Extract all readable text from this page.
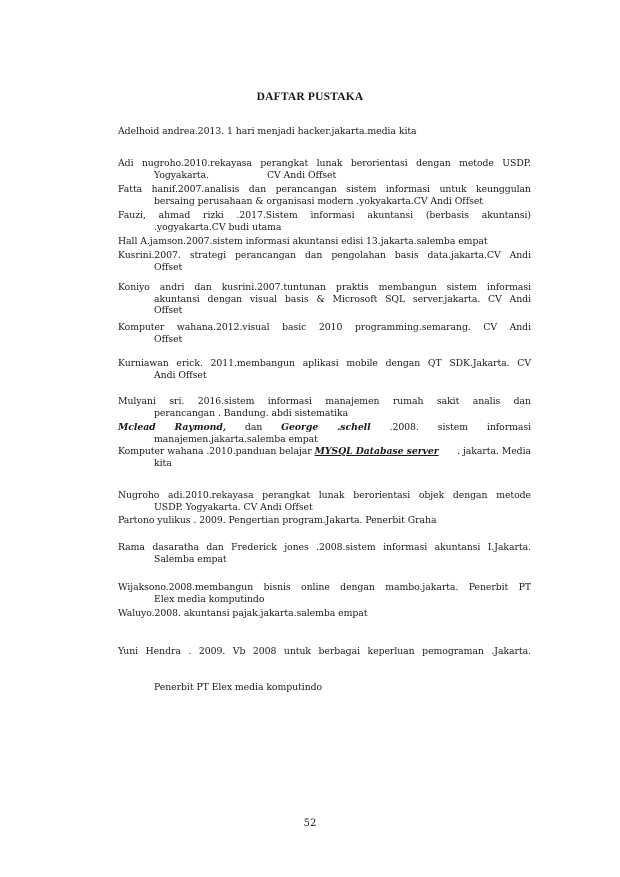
DAFTAR PUSTAKA
Adelhoid andrea.2013. 1 hari menjadi hacker.jakarta.media kita
Adi nugroho.2010.rekayasa perangkat lunak berorientasi dengan metode USDP.
Yogyakarta.	CV Andi Offset
Fatta hanif.2007.analisis dan perancangan sistem informasi untuk keunggulan
bersaing perusahaan & organisasi modern .yokyakarta.CV Andi Offset
Fauzi, ahmad rizki .2017.Sistem informasi akuntansi (berbasis akuntansi)
.yogyakarta.CV budi utama
Hall A.jamson.2007.sistem informasi akuntansi edisi 13.jakarta.salemba empat
Kusrini.2007. strategi perancangan dan pengolahan basis data.jakarta.CV Andi
Offset
Koniyo andri dan kusrini.2007.tuntunan praktis membangun sistem informasi
akuntansi dengan visual basis & Microsoft SQL server.jakarta. CV Andi
Offset
Komputer wahana.2012.visual basic 2010 programming.semarang. CV Andi
Offset
Kurniawan erick. 2011.membangun aplikasi mobile dengan QT SDK.Jakarta. CV
Andi Offset
Mulyani sri. 2016.sistem informasi manajemen rumah sakit analis dan
perancangan . Bandung. abdi sistematika
Mclead Raymond, dan George .schell .2008. sistem informasi
manajemen.jakarta.salemba empat
Komputer wahana .2010.panduan belajar MYSQL Database server . jakarta. Media
kita
Nugroho adi.2010.rekayasa perangkat lunak berorientasi objek dengan metode
USDP. Yogyakarta. CV Andi Offset
Partono yulikus . 2009. Pengertian program.Jakarta. Penerbit Graha
Rama dasaratha dan Frederick jones .2008.sistem informasi akuntansi I.Jakarta.
Salemba empat
Wijaksono.2008.membangun bisnis online dengan mambo.jakarta. Penerbit PT
Elex media komputindo
Waluyo.2008. akuntansi pajak.jakarta.salemba empat
Yuni Hendra . 2009. Vb 2008 untuk berbagai keperluan pemograman .Jakarta.
Penerbit PT Elex media komputindo
52
